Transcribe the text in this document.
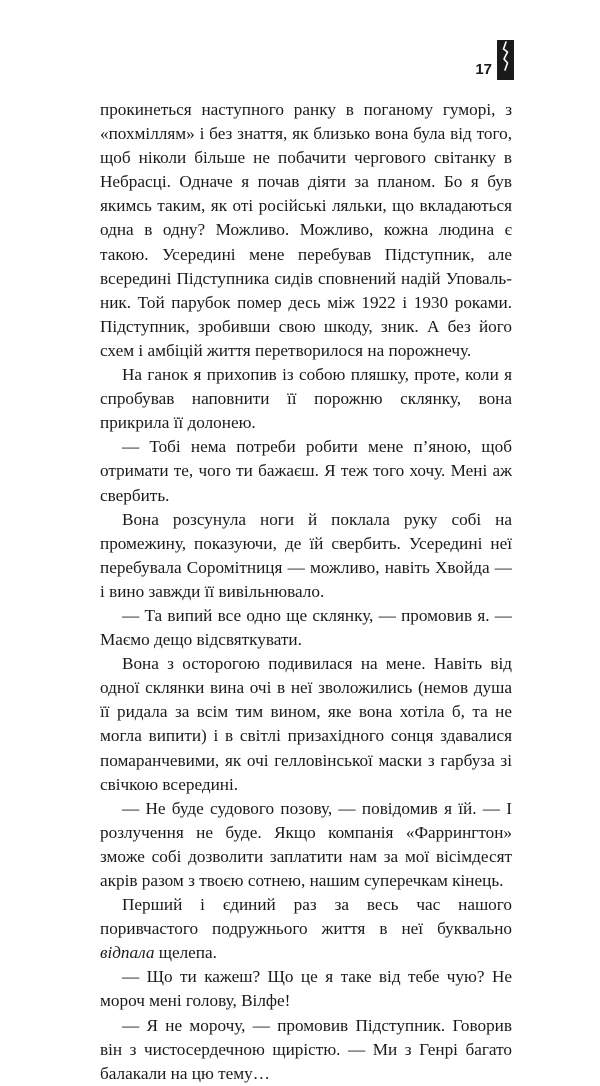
17

прокинеться наступного ранку в поганому гуморі, з «похміллям» і без знаття, як близько вона була від того, щоб ніколи більше не побачити чергового світанку в Небрасці. Одначе я почав діяти за планом. Бо я був якимсь таким, як оті російські ляльки, що вкладаються одна в одну? Можливо. Можливо, кожна людина є такою. Усередині мене перебував Підступник, але всередині Підступника сидів сповнений надій Уповальник. Той парубок помер десь між 1922 і 1930 роками. Підступник, зробивши свою шкоду, зник. А без його схем і амбіцій життя перетворилося на порожнечу.

На ганок я прихопив із собою пляшку, проте, коли я спробував наповнити її порожню склянку, вона прикрила її долонею.

— Тобі нема потреби робити мене п’яною, щоб отримати те, чого ти бажаєш. Я теж того хочу. Мені аж свербить.

Вона розсунула ноги й поклала руку собі на промежину, показуючи, де їй свербить. Усередині неї перебувала Соромітниця — можливо, навіть Хвойда — і вино завжди її вивільнювало.

— Та випий все одно ще склянку, — промовив я. — Маємо дещо відсвяткувати.

Вона з осторогою подивилася на мене. Навіть від одної склянки вина очі в неї зволожились (немов душа її ридала за всім тим вином, яке вона хотіла б, та не могла випити) і в світлі призахідного сонця здавалися помаранчевими, як очі гелловінської маски з гарбуза зі свічкою всередині.

— Не буде судового позову, — повідомив я їй. — І розлучення не буде. Якщо компанія «Фаррингтон» зможе собі дозволити заплатити нам за мої вісімдесят акрів разом з твоєю сотнею, нашим суперечкам кінець.

Перший і єдиний раз за весь час нашого поривчастого подружнього життя в неї буквально відпала щелепа.

— Що ти кажеш? Що це я таке від тебе чую? Не мороч мені голову, Вілфе!

— Я не морочу, — промовив Підступник. Говорив він з чистосердечною щирістю. — Ми з Генрі багато балакали на цю тему…
